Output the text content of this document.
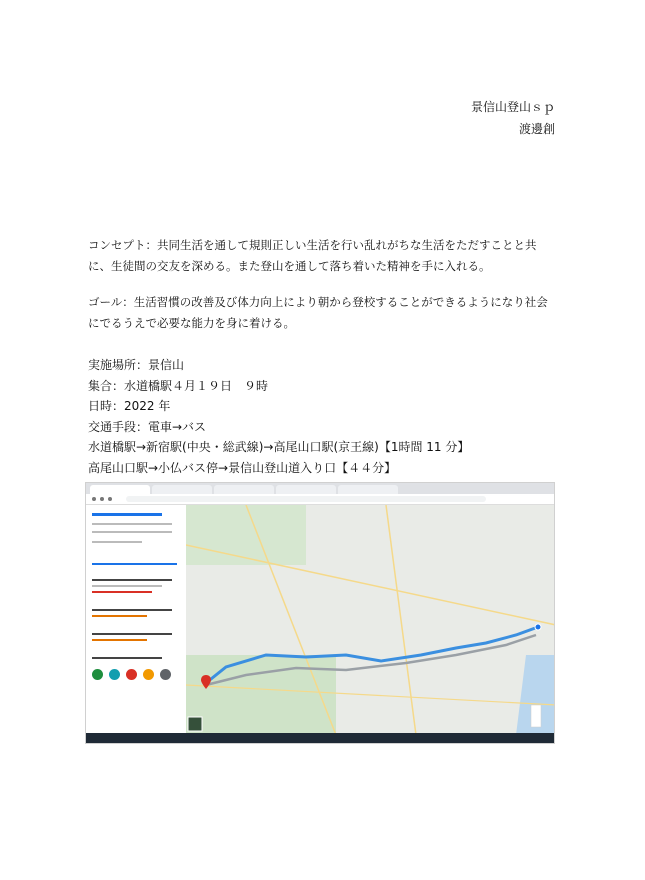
景信山登山ｓｐ
渡邊創
コンセプト：共同生活を通して規則正しい生活を行い乱れがちな生活をただすことと共に、生徒間の交友を深める。また登山を通して落ち着いた精神を手に入れる。
ゴール：生活習慣の改善及び体力向上により朝から登校することができるようになり社会にでるうえで必要な能力を身に着ける。
実施場所：景信山
集合：水道橋駅４月１９日　９時
日時：2022 年
交通手段：電車→バス
水道橋駅→新宿駅(中央・総武線)→高尾山口駅(京王線)【1時間 11 分】
高尾山口駅→小仏バス停→景信山登山道入り口【４４分】
